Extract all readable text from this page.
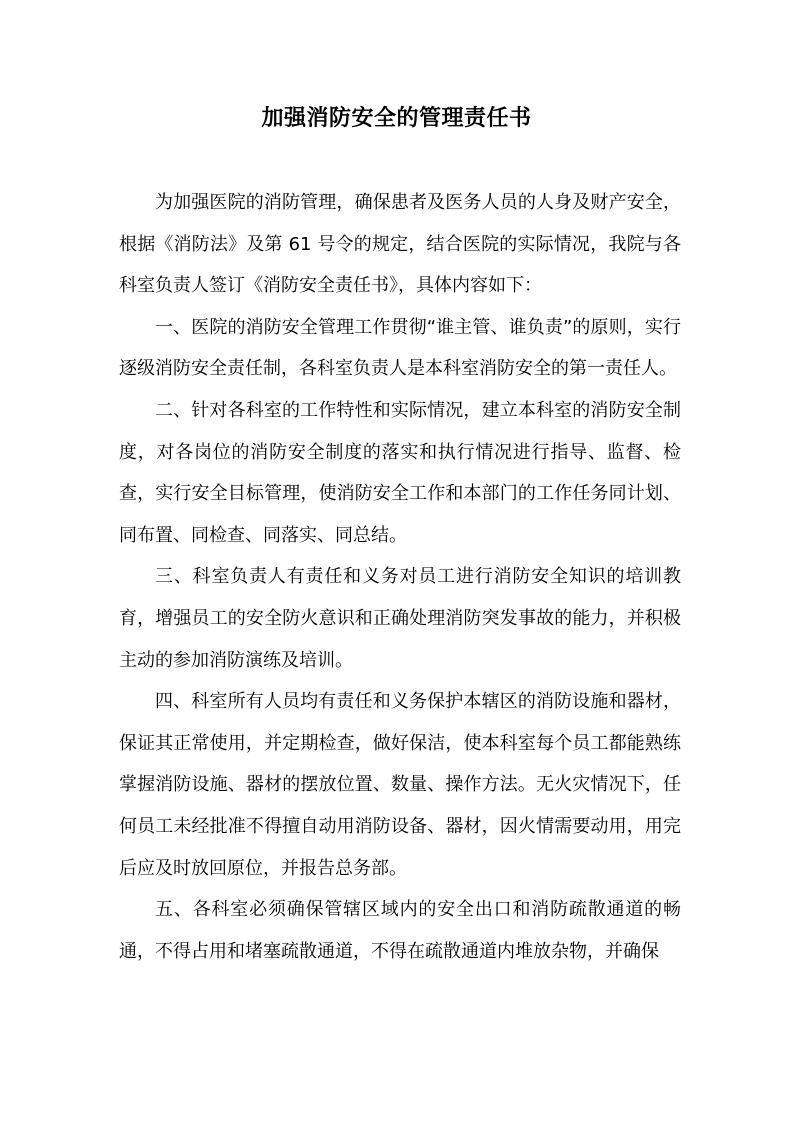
加强消防安全的管理责任书

为加强医院的消防管理，确保患者及医务人员的人身及财产安全，根据《消防法》及第 61 号令的规定，结合医院的实际情况，我院与各科室负责人签订《消防安全责任书》，具体内容如下：

一、医院的消防安全管理工作贯彻“谁主管、谁负责”的原则，实行逐级消防安全责任制，各科室负责人是本科室消防安全的第一责任人。

二、针对各科室的工作特性和实际情况，建立本科室的消防安全制度，对各岗位的消防安全制度的落实和执行情况进行指导、监督、检查，实行安全目标管理，使消防安全工作和本部门的工作任务同计划、同布置、同检查、同落实、同总结。

三、科室负责人有责任和义务对员工进行消防安全知识的培训教育，增强员工的安全防火意识和正确处理消防突发事故的能力，并积极主动的参加消防演练及培训。

四、科室所有人员均有责任和义务保护本辖区的消防设施和器材，保证其正常使用，并定期检查，做好保洁，使本科室每个员工都能熟练掌握消防设施、器材的摆放位置、数量、操作方法。无火灾情况下，任何员工未经批准不得擅自动用消防设备、器材，因火情需要动用，用完后应及时放回原位，并报告总务部。

五、各科室必须确保管辖区域内的安全出口和消防疏散通道的畅通，不得占用和堵塞疏散通道，不得在疏散通道内堆放杂物，并确保
